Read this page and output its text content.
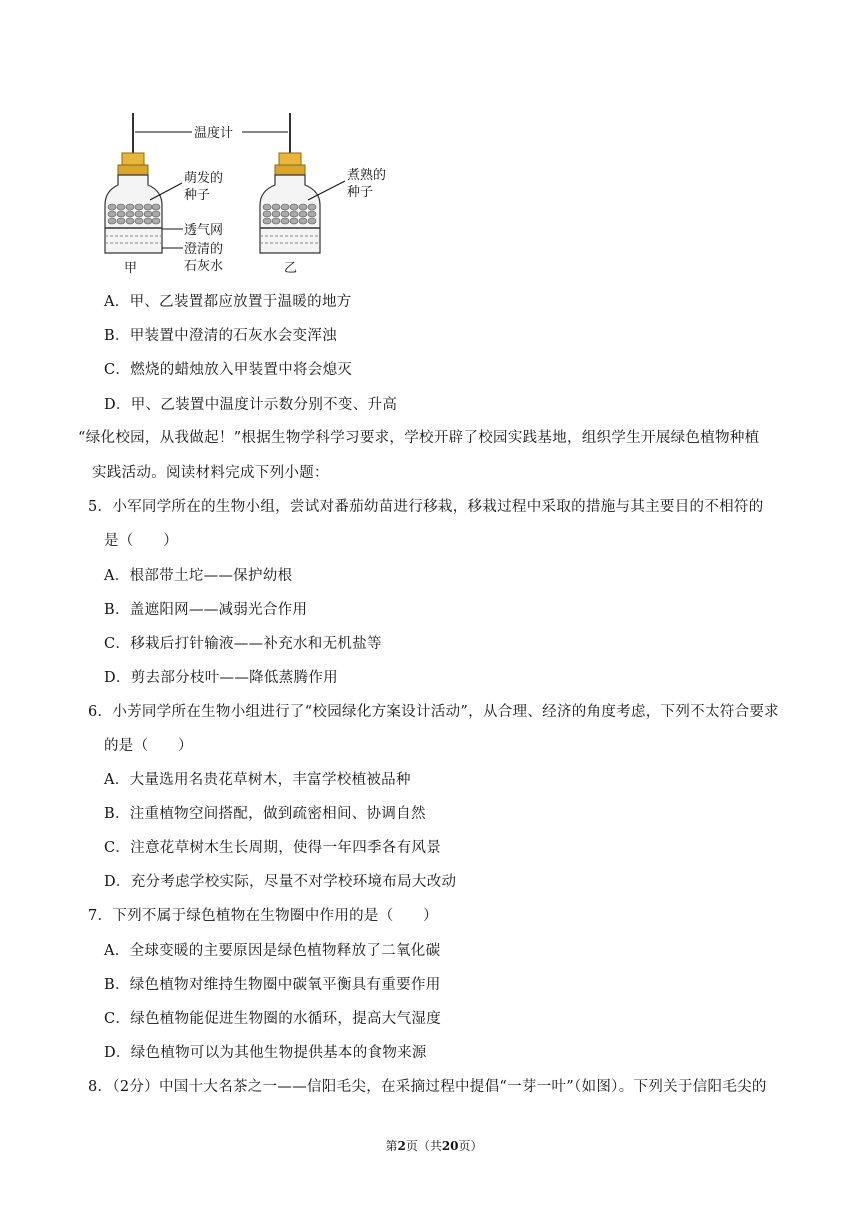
温度计
萌发的
种子
透气网
澄清的
石灰水
甲
煮熟的
种子
乙
A．甲、乙装置都应放置于温暖的地方
B．甲装置中澄清的石灰水会变浑浊
C．燃烧的蜡烛放入甲装置中将会熄灭
D．甲、乙装置中温度计示数分别不变、升高
“绿化校园，从我做起！”根据生物学科学习要求，学校开辟了校园实践基地，组织学生开展绿色植物种植
实践活动。阅读材料完成下列小题：
5．小军同学所在的生物小组，尝试对番茄幼苗进行移栽，移栽过程中采取的措施与其主要目的不相符的
是（　　）
A．根部带土坨——保护幼根
B．盖遮阳网——减弱光合作用
C．移栽后打针输液——补充水和无机盐等
D．剪去部分枝叶——降低蒸腾作用
6．小芳同学所在生物小组进行了“校园绿化方案设计活动”，从合理、经济的角度考虑，下列不太符合要求
的是（　　）
A．大量选用名贵花草树木，丰富学校植被品种
B．注重植物空间搭配，做到疏密相间、协调自然
C．注意花草树木生长周期，使得一年四季各有风景
D．充分考虑学校实际，尽量不对学校环境布局大改动
7．下列不属于绿色植物在生物圈中作用的是（　　）
A．全球变暖的主要原因是绿色植物释放了二氧化碳
B．绿色植物对维持生物圈中碳氧平衡具有重要作用
C．绿色植物能促进生物圈的水循环，提高大气湿度
D．绿色植物可以为其他生物提供基本的食物来源
8．（2分）中国十大名茶之一——信阳毛尖，在采摘过程中提倡“一芽一叶”（如图）。下列关于信阳毛尖的
第2页（共20页）
